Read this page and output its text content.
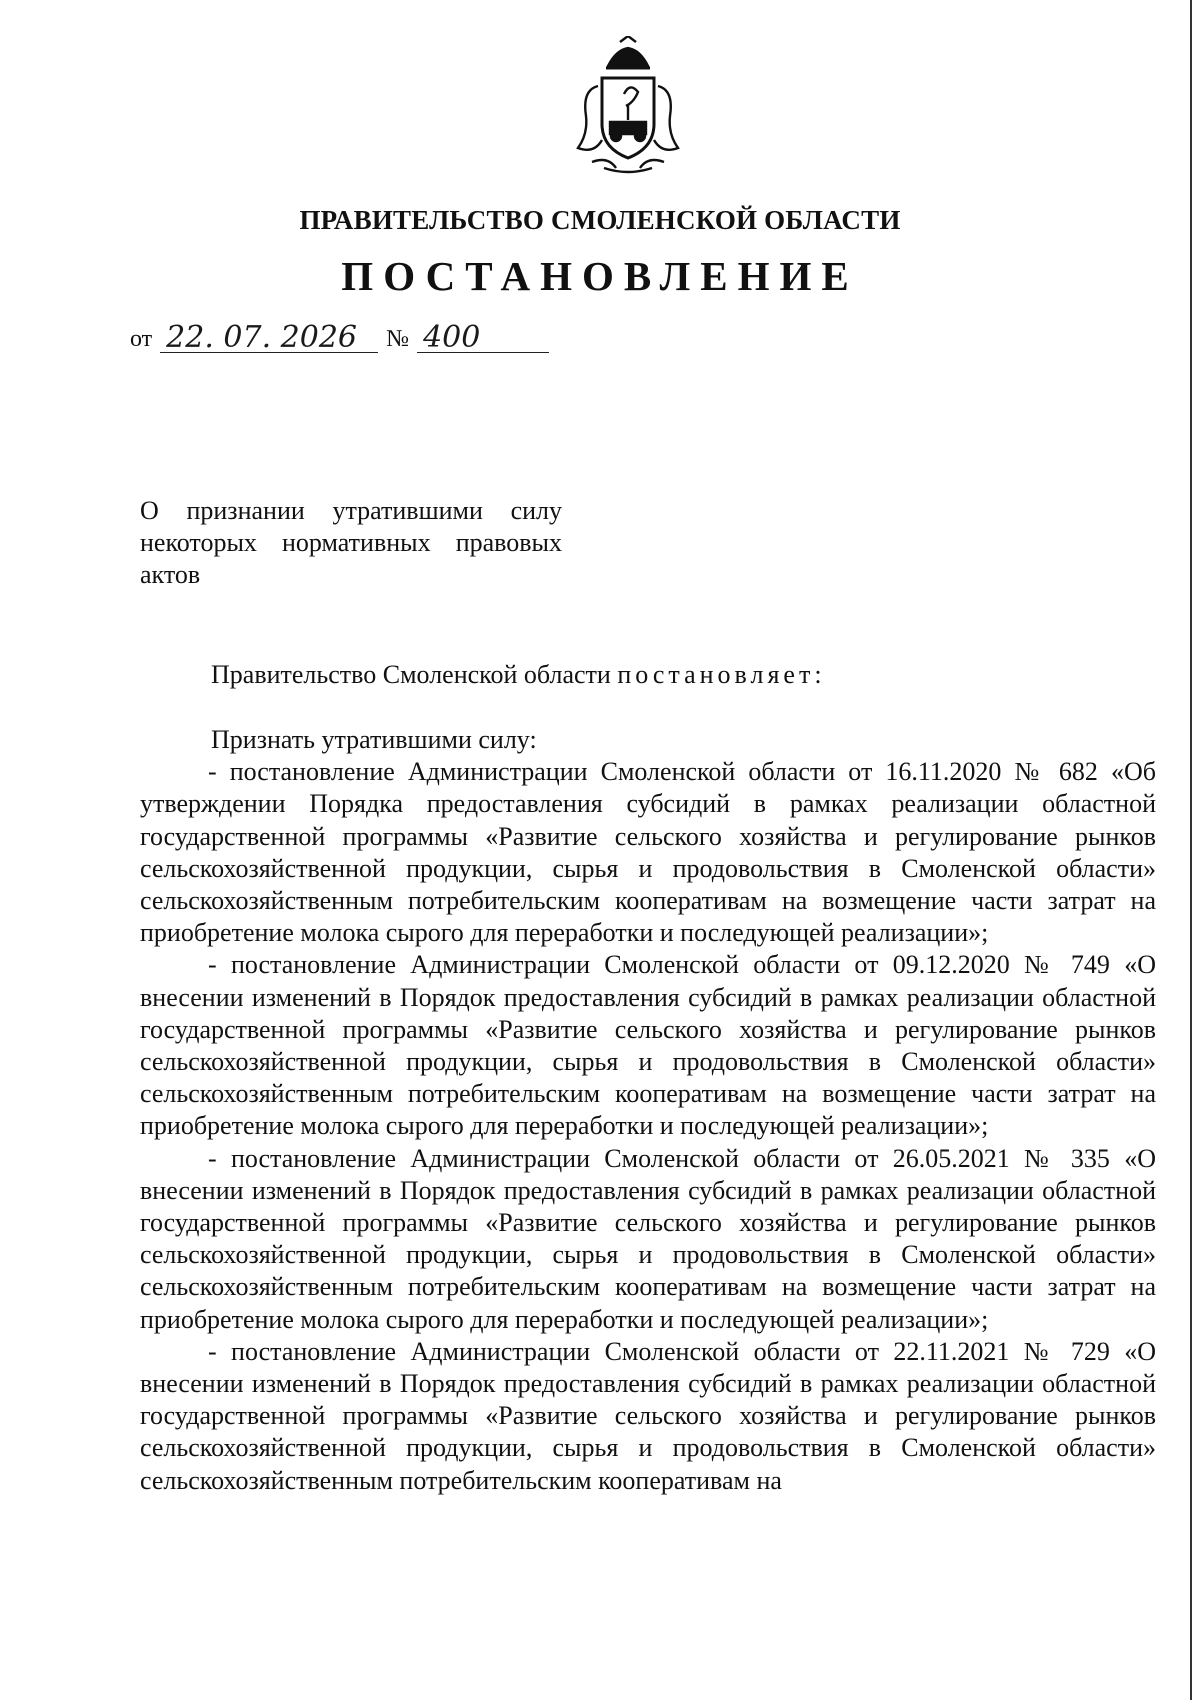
ПРАВИТЕЛЬСТВО СМОЛЕНСКОЙ ОБЛАСТИ
ПОСТАНОВЛЕНИЕ
от 22. 07. 2026	№ 400
О признании утратившими силу некоторых нормативных правовых актов
Правительство Смоленской области постановляет:

Признать утратившими силу:

- постановление Администрации Смоленской области от 16.11.2020 № 682 «Об утверждении Порядка предоставления субсидий в рамках реализации областной государственной программы «Развитие сельского хозяйства и регулирование рынков сельскохозяйственной продукции, сырья и продовольствия в Смоленской области» сельскохозяйственным потребительским кооперативам на возмещение части затрат на приобретение молока сырого для переработки и последующей реализации»;

- постановление Администрации Смоленской области от 09.12.2020 № 749 «О внесении изменений в Порядок предоставления субсидий в рамках реализации областной государственной программы «Развитие сельского хозяйства и регулирование рынков сельскохозяйственной продукции, сырья и продовольствия в Смоленской области» сельскохозяйственным потребительским кооперативам на возмещение части затрат на приобретение молока сырого для переработки и последующей реализации»;

- постановление Администрации Смоленской области от 26.05.2021 № 335 «О внесении изменений в Порядок предоставления субсидий в рамках реализации областной государственной программы «Развитие сельского хозяйства и регулирование рынков сельскохозяйственной продукции, сырья и продовольствия в Смоленской области» сельскохозяйственным потребительским кооперативам на возмещение части затрат на приобретение молока сырого для переработки и последующей реализации»;

- постановление Администрации Смоленской области от 22.11.2021 № 729 «О внесении изменений в Порядок предоставления субсидий в рамках реализации областной государственной программы «Развитие сельского хозяйства и регулирование рынков сельскохозяйственной продукции, сырья и продовольствия в Смоленской области» сельскохозяйственным потребительским кооперативам на
